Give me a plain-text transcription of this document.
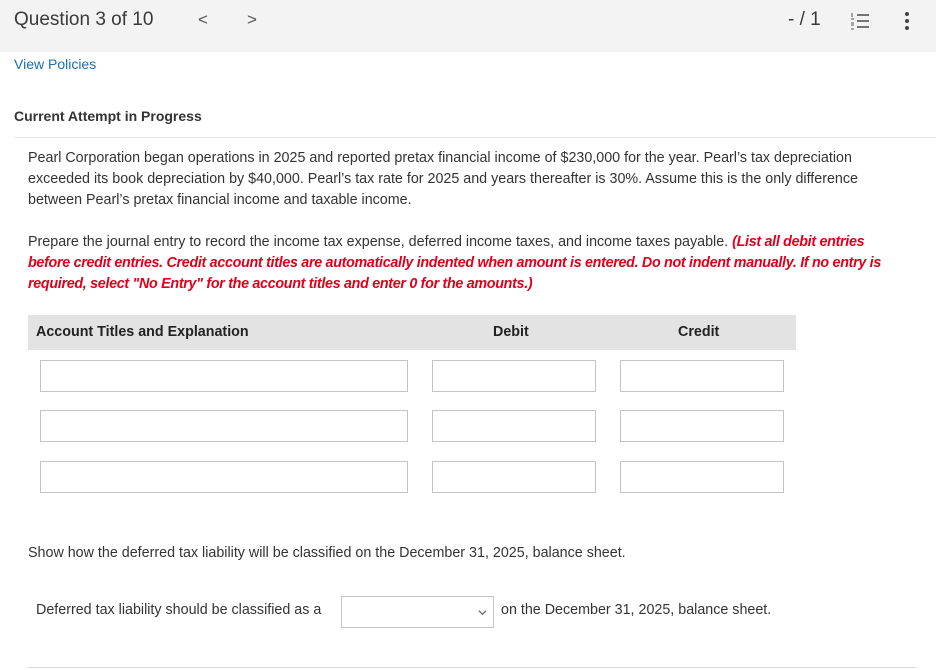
Question 3 of 10	< >	- / 1
View Policies
Current Attempt in Progress

Pearl Corporation began operations in 2025 and reported pretax financial income of $230,000 for the year. Pearl’s tax depreciation exceeded its book depreciation by $40,000. Pearl’s tax rate for 2025 and years thereafter is 30%. Assume this is the only difference between Pearl’s pretax financial income and taxable income.

Prepare the journal entry to record the income tax expense, deferred income taxes, and income taxes payable. (List all debit entries before credit entries. Credit account titles are automatically indented when amount is entered. Do not indent manually. If no entry is required, select "No Entry" for the account titles and enter 0 for the amounts.)

Account Titles and Explanation	Debit	Credit

Show how the deferred tax liability will be classified on the December 31, 2025, balance sheet.

Deferred tax liability should be classified as a	on the December 31, 2025, balance sheet.
